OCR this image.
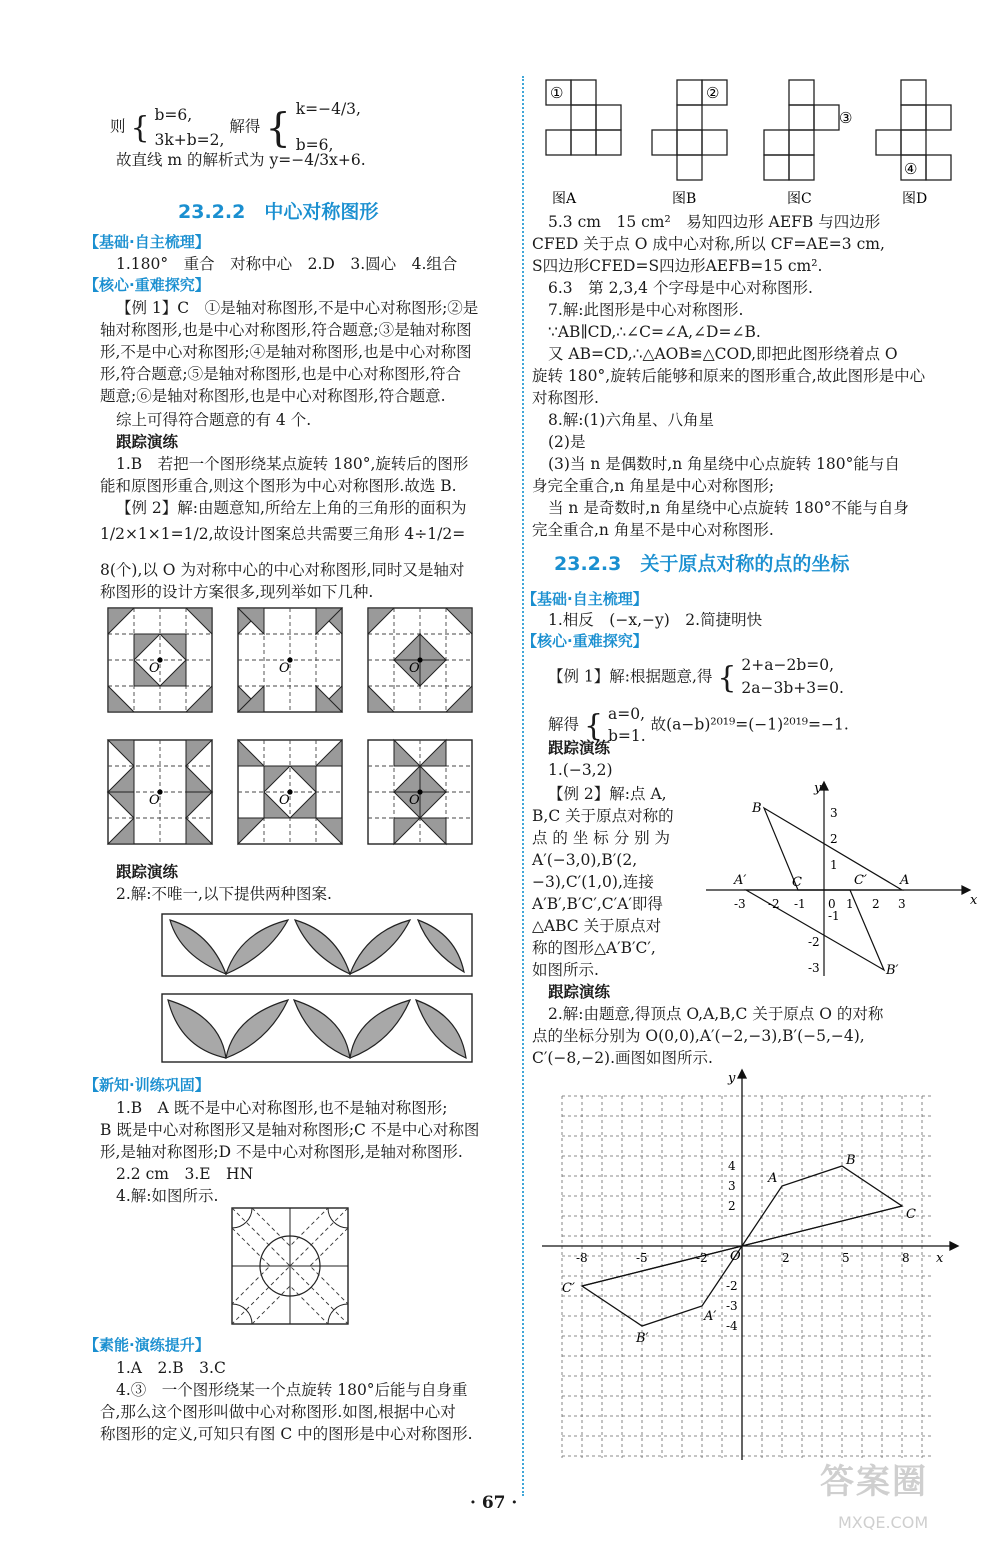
则 { b=6,
3k+b=2, 解得 { k=−4/3,
b=6,
故直线 m 的解析式为 y=−4/3x+6.
23.2.2　中心对称图形
【基础·自主梳理】
1.180°　重合　对称中心　2.D　3.圆心　4.组合
【核心·重难探究】
【例 1】C　①是轴对称图形,不是中心对称图形;②是
轴对称图形,也是中心对称图形,符合题意;③是轴对称图
形,不是中心对称图形;④是轴对称图形,也是中心对称图
形,符合题意;⑤是轴对称图形,也是中心对称图形,符合
题意;⑥是轴对称图形,也是中心对称图形,符合题意.
综上可得符合题意的有 4 个.
跟踪演练
1.B　若把一个图形绕某点旋转 180°,旋转后的图形
能和原图形重合,则这个图形为中心对称图形.故选 B.
【例 2】解:由题意知,所给左上角的三角形的面积为
1/2×1×1=1/2,故设计图案总共需要三角形 4÷1/2=
8(个),以 O 为对称中心的中心对称图形,同时又是轴对
称图形的设计方案很多,现列举如下几种.
O	O	O
O	O	O
跟踪演练
2.解:不唯一,以下提供两种图案.
【新知·训练巩固】
1.B　A 既不是中心对称图形,也不是轴对称图形;
B 既是中心对称图形又是轴对称图形;C 不是中心对称图
形,是轴对称图形;D 不是中心对称图形,是轴对称图形.
2.2 cm　3.E　HN
4.解:如图所示.
【素能·演练提升】
1.A　2.B　3.C
4.③　一个图形绕某一个点旋转 180°后能与自身重
合,那么这个图形叫做中心对称图形.如图,根据中心对
称图形的定义,可知只有图 C 中的图形是中心对称图形.
①	②
③
④
图A	图B	图C	图D
5.3 cm　15 cm²　易知四边形 AEFB 与四边形
CFED 关于点 O 成中心对称,所以 CF=AE=3 cm,
S四边形CFED=S四边形AEFB=15 cm².
6.3　第 2,3,4 个字母是中心对称图形.
7.解:此图形是中心对称图形.
∵AB∥CD,∴∠C=∠A,∠D=∠B.
又 AB=CD,∴△AOB≌△COD,即把此图形绕着点 O
旋转 180°,旋转后能够和原来的图形重合,故此图形是中心
对称图形.
8.解:(1)六角星、八角星
(2)是
(3)当 n 是偶数时,n 角星绕中心点旋转 180°能与自
身完全重合,n 角星是中心对称图形;
当 n 是奇数时,n 角星绕中心点旋转 180°不能与自身
完全重合,n 角星不是中心对称图形.
23.2.3　关于原点对称的点的坐标
【基础·自主梳理】
1.相反　(−x,−y)　2.简捷明快
【核心·重难探究】
【例 1】解:根据题意,得 { 2+a−2b=0,
2a−3b+3=0.
解得 { a=0,
b=1. 故(a−b)²⁰¹⁹=(−1)²⁰¹⁹=−1.
跟踪演练
1.(−3,2)
【例 2】解:点 A,
B,C 关于原点对称的
点 的 坐 标 分 别 为
A′(−3,0),B′(2,
−3),C′(1,0),连接
A′B′,B′C′,C′A′即得
△ABC 关于原点对
称的图形△A′B′C′,
如图所示.
x
y
-3 -2 -1 0 1 2 3
3
2
1
-1
-2
-3
B
A
C
A′	C′
B′
跟踪演练
2.解:由题意,得顶点 O,A,B,C 关于原点 O 的对称
点的坐标分别为 O(0,0),A′(−2,−3),B′(−5,−4),
C′(−8,−2).画图如图所示.
x
y
-8	-5	-2	2	5	8
4
3
2
-2
-3
-4
O
A
B
C
A′
B′
C′
· 67 ·
答案圈
MXQE.COM
